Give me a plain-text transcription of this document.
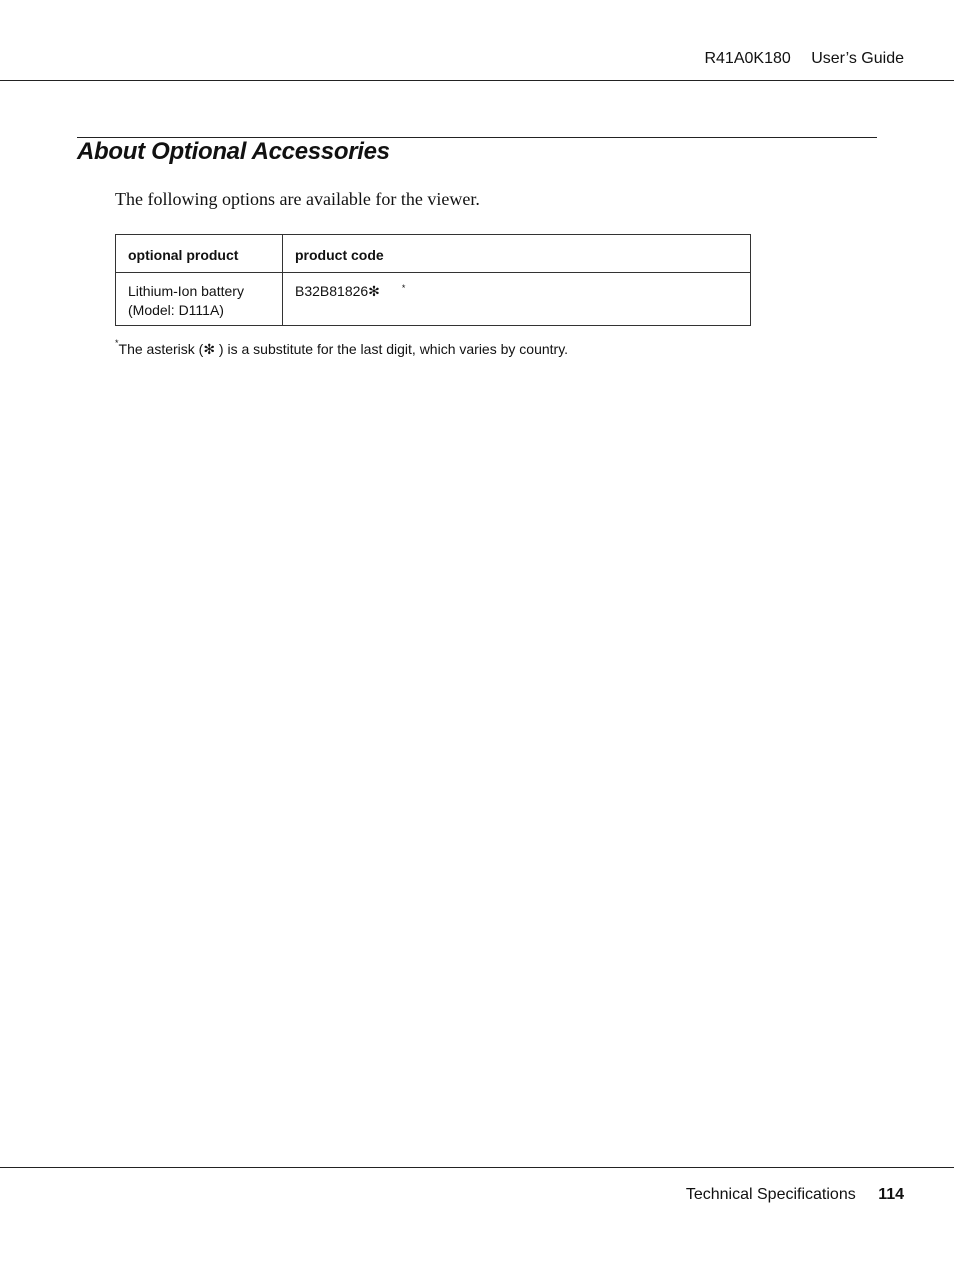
R41A0K180 User’s Guide
About Optional Accessories

The following options are available for the viewer.

optional product	product code
Lithium-Ion battery
(Model: D111A)	B32B81826✻ *

*The asterisk (✻ ) is a substitute for the last digit, which varies by country.

Technical Specifications 114
